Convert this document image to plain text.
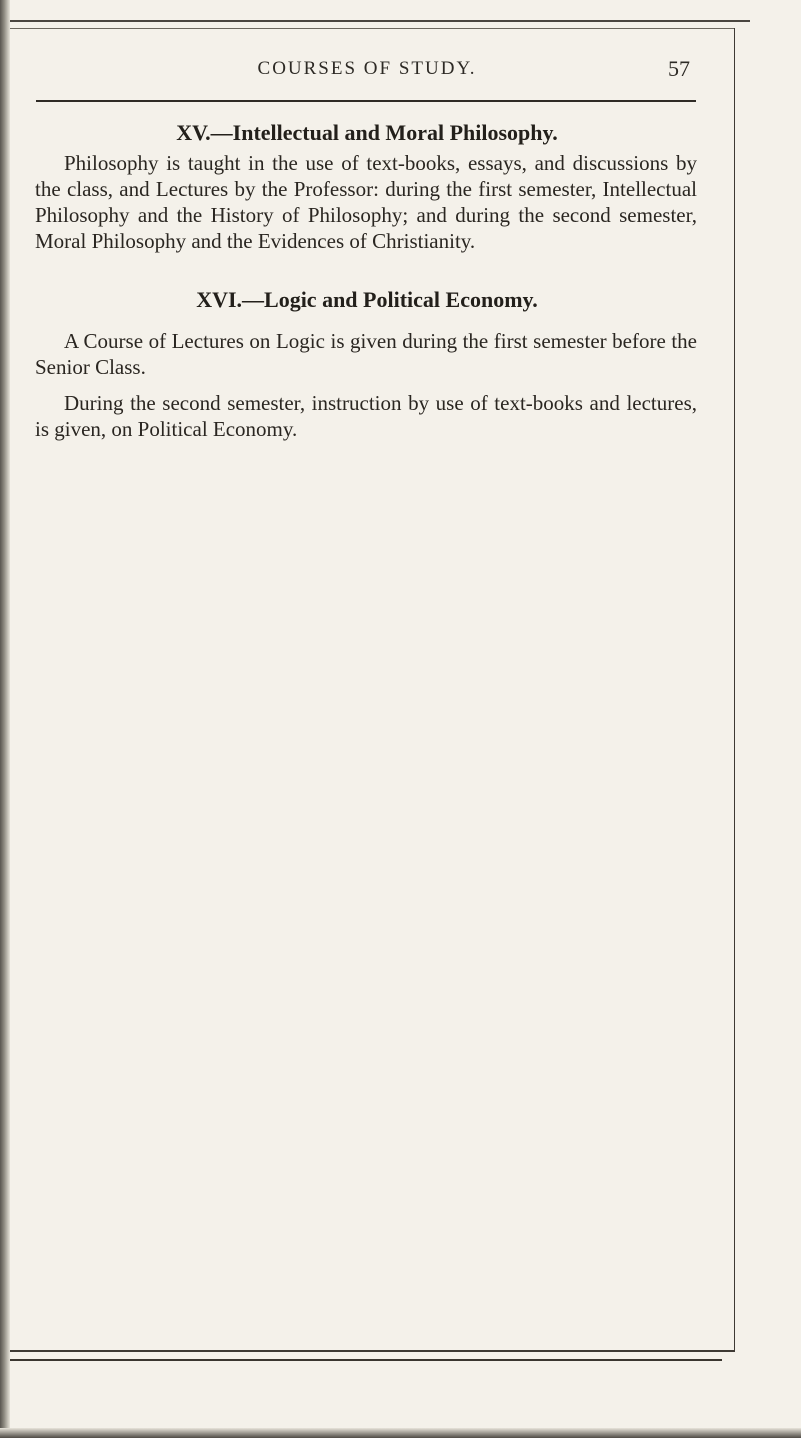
COURSES OF STUDY.	57
XV.—Intellectual and Moral Philosophy.
Philosophy is taught in the use of text-books, essays, and discussions by the class, and Lectures by the Professor: during the first semester, Intellectual Philosophy and the History of Philosophy; and during the second semester, Moral Philosophy and the Evidences of Christianity.
XVI.—Logic and Political Economy.
A Course of Lectures on Logic is given during the first semester before the Senior Class.
During the second semester, instruction by use of text-books and lectures, is given, on Political Economy.
